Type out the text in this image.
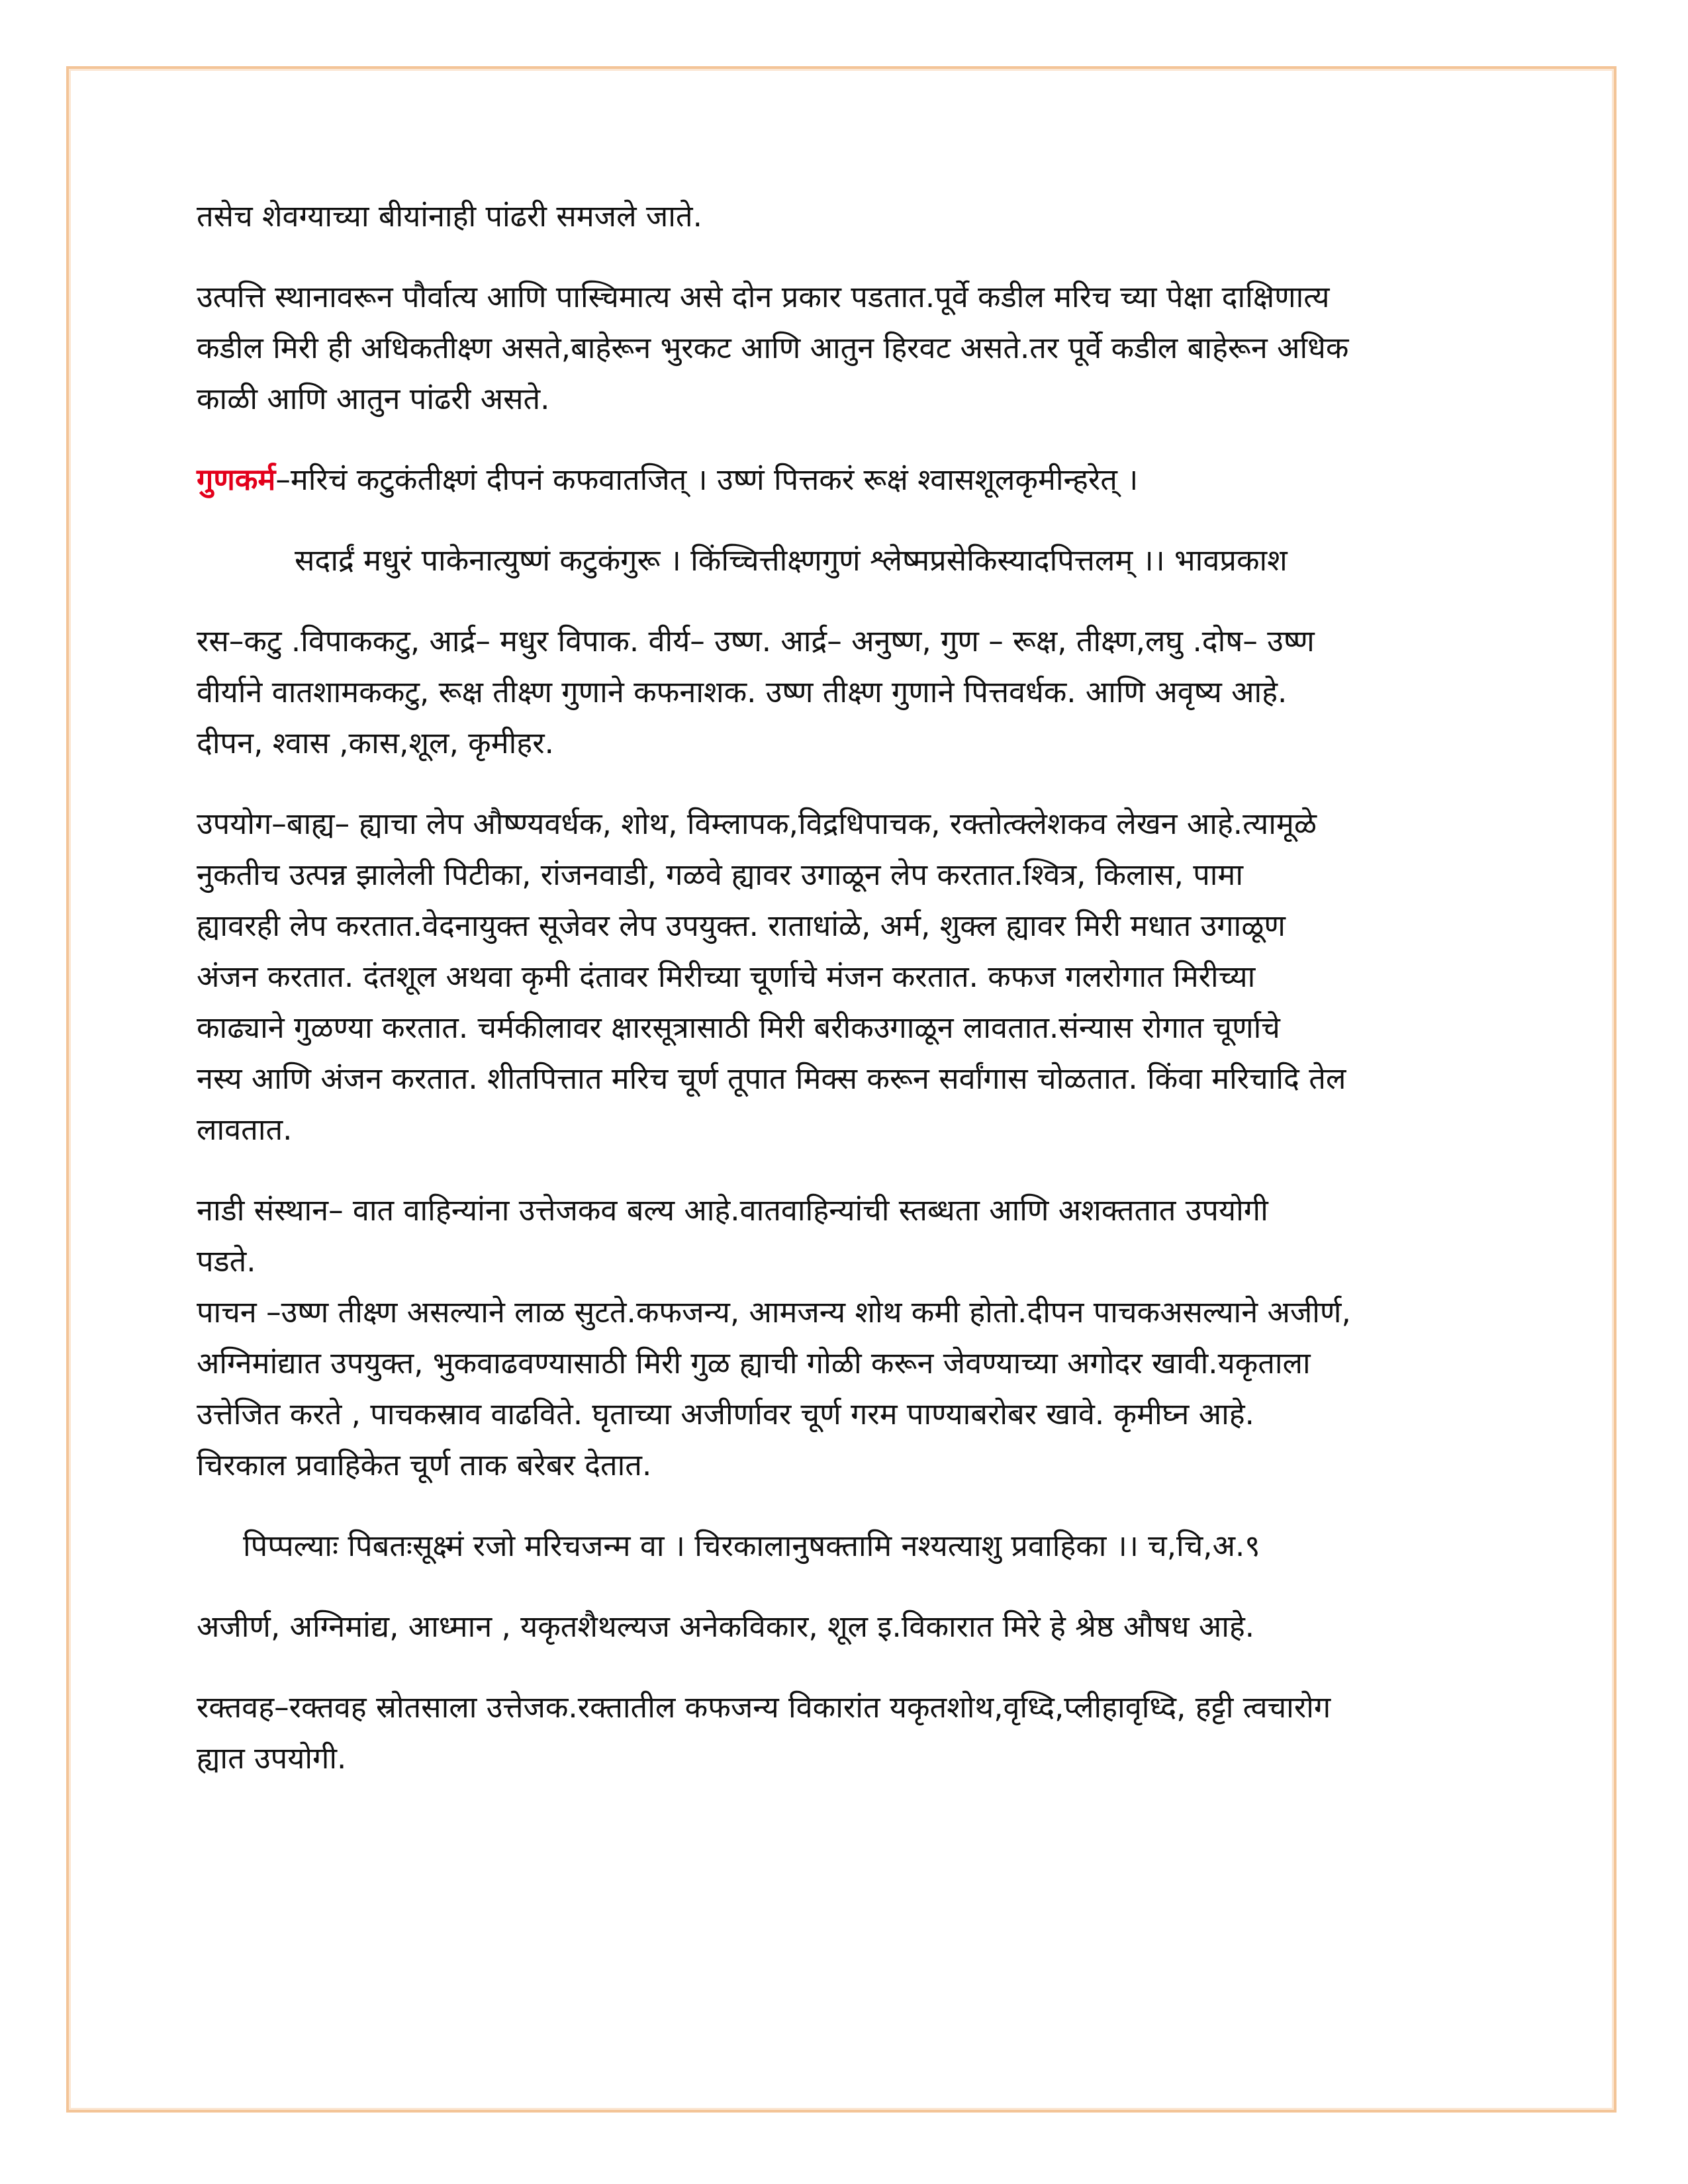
तसेच शेवग्याच्या बीयांनाही पांढरी समजले जाते.

उत्पत्ति स्थानावरून पौर्वात्य आणि पास्चिमात्य असे दोन प्रकार पडतात.पूर्वे कडील मरिच च्या पेक्षा दाक्षिणात्य
कडील मिरी ही अधिकतीक्ष्ण असते,बाहेरून भुरकट आणि आतुन हिरवट असते.तर पूर्वे कडील बाहेरून अधिक
काळी आणि आतुन पांढरी असते.

गुणकर्म–मरिचं कटुकंतीक्ष्णं दीपनं कफवातजित् । उष्णं पित्तकरं रूक्षं श्वासशूलकृमीन्हरेत् ।

सदार्द्रं मधुरं पाकेनात्युष्णं कटुकंगुरू । किंच्चित्तीक्ष्णगुणं श्लेष्मप्रसेकिस्यादपित्तलम् ।। भावप्रकाश

रस–कटु .विपाककटु, आर्द्र– मधुर विपाक. वीर्य– उष्ण. आर्द्र– अनुष्ण, गुण – रूक्ष, तीक्ष्ण,लघु .दोष– उष्ण
वीर्याने वातशामककटु, रूक्ष तीक्ष्ण गुणाने कफनाशक. उष्ण तीक्ष्ण गुणाने पित्तवर्धक. आणि अवृष्य आहे.
दीपन, श्वास ,कास,शूल, कृमीहर.

उपयोग–बाह्य– ह्याचा लेप औष्ण्यवर्धक, शोथ, विम्लापक,विद्रधिपाचक, रक्तोत्क्लेशकव लेखन आहे.त्यामूळे
नुकतीच उत्पन्न झालेली पिटीका, रांजनवाडी, गळवे ह्यावर उगाळून लेप करतात.श्वित्र, किलास, पामा
ह्यावरही लेप करतात.वेदनायुक्त सूजेवर लेप उपयुक्त. राताधांळे, अर्म, शुक्ल ह्यावर मिरी मधात उगाळूण
अंजन करतात. दंतशूल अथवा कृमी दंतावर मिरीच्या चूर्णाचे मंजन करतात. कफज गलरोगात मिरीच्या
काढ्याने गुळण्या करतात. चर्मकीलावर क्षारसूत्रासाठी मिरी बरीकउगाळून लावतात.संन्यास रोगात चूर्णाचे
नस्य आणि अंजन करतात. शीतपित्तात मरिच चूर्ण तूपात मिक्स करून सर्वांगास चोळतात. किंवा मरिचादि तेल
लावतात.

नाडी संस्थान– वात वाहिन्यांना उत्तेजकव बल्य आहे.वातवाहिन्यांची स्तब्धता आणि अशक्ततात उपयोगी
पडते.

पाचन –उष्ण तीक्ष्ण असल्याने लाळ सुटते.कफजन्य, आमजन्य शोथ कमी होतो.दीपन पाचकअसल्याने अजीर्ण,
अग्निमांद्यात उपयुक्त, भुकवाढवण्यासाठी मिरी गुळ ह्याची गोळी करून जेवण्याच्या अगोदर खावी.यकृताला
उत्तेजित करते , पाचकस्राव वाढविते. घृताच्या अजीर्णावर चूर्ण गरम पाण्याबरोबर खावे. कृमीघ्न आहे.
चिरकाल प्रवाहिकेत चूर्ण ताक बरेबर देतात.

पिप्पल्याः पिबतःसूक्ष्मं रजो मरिचजन्म वा । चिरकालानुषक्तामि नश्यत्याशु प्रवाहिका ।। च,चि,अ.९

अजीर्ण, अग्निमांद्य, आध्मान , यकृतशैथल्यज अनेकविकार, शूल इ.विकारात मिरे हे श्रेष्ठ औषध आहे.

रक्तवह–रक्तवह स्रोतसाला उत्तेजक.रक्तातील कफजन्य विकारांत यकृतशोथ,वृध्दि,प्लीहावृध्दि, हट्टी त्वचारोग
ह्यात उपयोगी.
